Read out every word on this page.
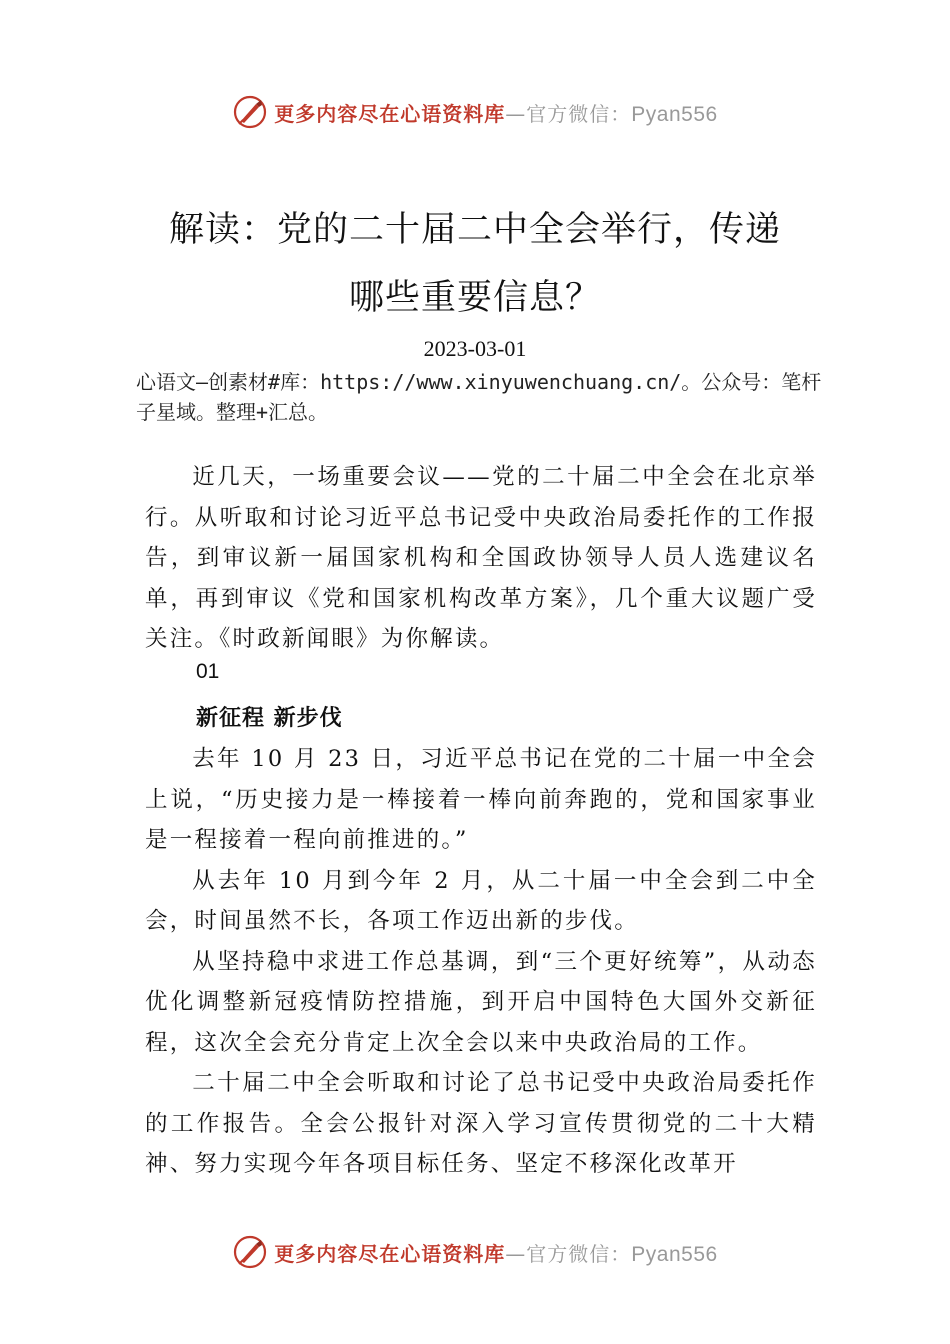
更多内容尽在心语资料库—官方微信：Pyan556
解读：党的二十届二中全会举行，传递
哪些重要信息？
2023-03-01
心语文—创素材#库：https://www.xinyuwenchuang.cn/。公众号：笔杆子星域。整理+汇总。

近几天，一场重要会议——党的二十届二中全会在北京举行。从听取和讨论习近平总书记受中央政治局委托作的工作报告，到审议新一届国家机构和全国政协领导人员人选建议名单，再到审议《党和国家机构改革方案》，几个重大议题广受关注。《时政新闻眼》为你解读。

01
新征程 新步伐

去年 10 月 23 日，习近平总书记在党的二十届一中全会上说，“历史接力是一棒接着一棒向前奔跑的，党和国家事业是一程接着一程向前推进的。”

从去年 10 月到今年 2 月，从二十届一中全会到二中全会，时间虽然不长，各项工作迈出新的步伐。

从坚持稳中求进工作总基调，到“三个更好统筹”，从动态优化调整新冠疫情防控措施，到开启中国特色大国外交新征程，这次全会充分肯定上次全会以来中央政治局的工作。

二十届二中全会听取和讨论了总书记受中央政治局委托作的工作报告。全会公报针对深入学习宣传贯彻党的二十大精神、努力实现今年各项目标任务、坚定不移深化改革开

更多内容尽在心语资料库—官方微信：Pyan556
